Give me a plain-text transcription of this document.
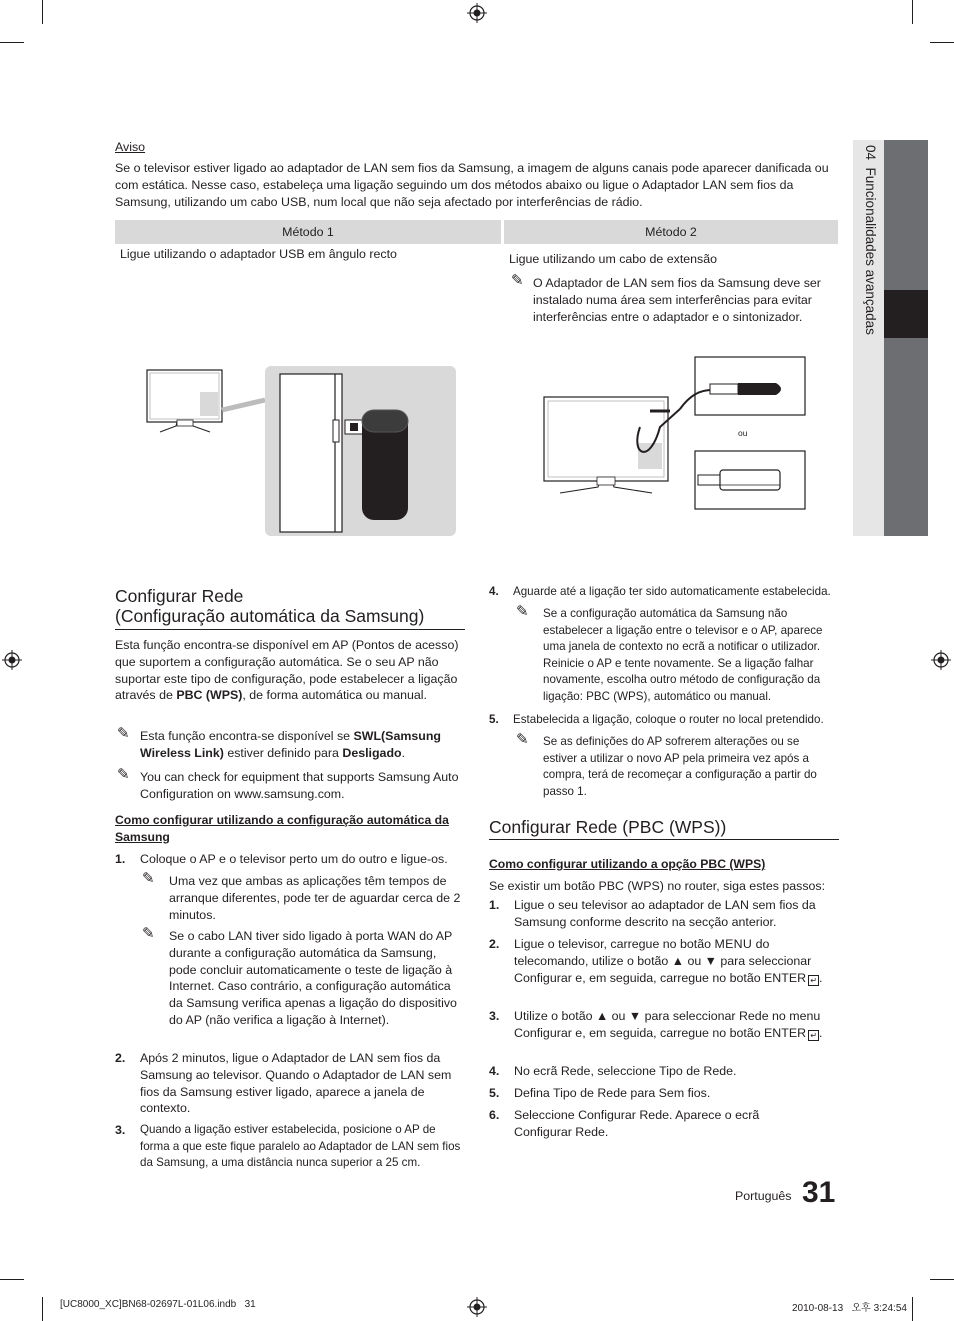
04  Funcionalidades avançadas
Aviso
Se o televisor estiver ligado ao adaptador de LAN sem fios da Samsung, a imagem de alguns canais pode aparecer danificada ou com estática. Nesse caso, estabeleça uma ligação seguindo um dos métodos abaixo ou ligue o Adaptador LAN sem fios da Samsung, utilizando um cabo USB, num local que não seja afectado por interferências de rádio.
Método 1	Método 2
Ligue utilizando o adaptador USB em ângulo recto	Ligue utilizando um cabo de extensão
✎ O Adaptador de LAN sem fios da Samsung deve ser instalado numa área sem interferências para evitar interferências entre o adaptador e o sintonizador.
ou
Configurar Rede
(Configuração automática da Samsung)
Esta função encontra-se disponível em AP (Pontos de acesso) que suportem a configuração automática. Se o seu AP não suportar este tipo de configuração, pode estabelecer a ligação através de PBC (WPS), de forma automática ou manual.
✎ Esta função encontra-se disponível se SWL(Samsung Wireless Link) estiver definido para Desligado.
✎ You can check for equipment that supports Samsung Auto Configuration on www.samsung.com.
Como configurar utilizando a configuração automática da Samsung
1. Coloque o AP e o televisor perto um do outro e ligue-os.
✎ Uma vez que ambas as aplicações têm tempos de arranque diferentes, pode ter de aguardar cerca de 2 minutos.
✎ Se o cabo LAN tiver sido ligado à porta WAN do AP durante a configuração automática da Samsung, pode concluir automaticamente o teste de ligação à Internet. Caso contrário, a configuração automática da Samsung verifica apenas a ligação do dispositivo do AP (não verifica a ligação à Internet).
2. Após 2 minutos, ligue o Adaptador de LAN sem fios da Samsung ao televisor. Quando o Adaptador de LAN sem fios da Samsung estiver ligado, aparece a janela de contexto.
3. Quando a ligação estiver estabelecida, posicione o AP de forma a que este fique paralelo ao Adaptador de LAN sem fios da Samsung, a uma distância nunca superior a 25 cm.
4. Aguarde até a ligação ter sido automaticamente estabelecida.
✎ Se a configuração automática da Samsung não estabelecer a ligação entre o televisor e o AP, aparece uma janela de contexto no ecrã a notificar o utilizador. Reinicie o AP e tente novamente. Se a ligação falhar novamente, escolha outro método de configuração da ligação: PBC (WPS), automático ou manual.
5. Estabelecida a ligação, coloque o router no local pretendido.
✎ Se as definições do AP sofrerem alterações ou se estiver a utilizar o novo AP pela primeira vez após a compra, terá de recomeçar a configuração a partir do passo 1.
Configurar Rede (PBC (WPS))
Como configurar utilizando a opção PBC (WPS)
Se existir um botão PBC (WPS) no router, siga estes passos:
1. Ligue o seu televisor ao adaptador de LAN sem fios da Samsung conforme descrito na secção anterior.
2. Ligue o televisor, carregue no botão MENU do telecomando, utilize o botão ▲ ou ▼ para seleccionar Configurar e, em seguida, carregue no botão ENTER ↵ .
3. Utilize o botão ▲ ou ▼ para seleccionar Rede no menu Configurar e, em seguida, carregue no botão ENTER ↵ .
4. No ecrã Rede, seleccione Tipo de Rede.
5. Defina Tipo de Rede para Sem fios.
6. Seleccione Configurar Rede. Aparece o ecrã Configurar Rede.
Português 31
[UC8000_XC]BN68-02697L-01L06.indb   31	2010-08-13   오후 3:24:54
